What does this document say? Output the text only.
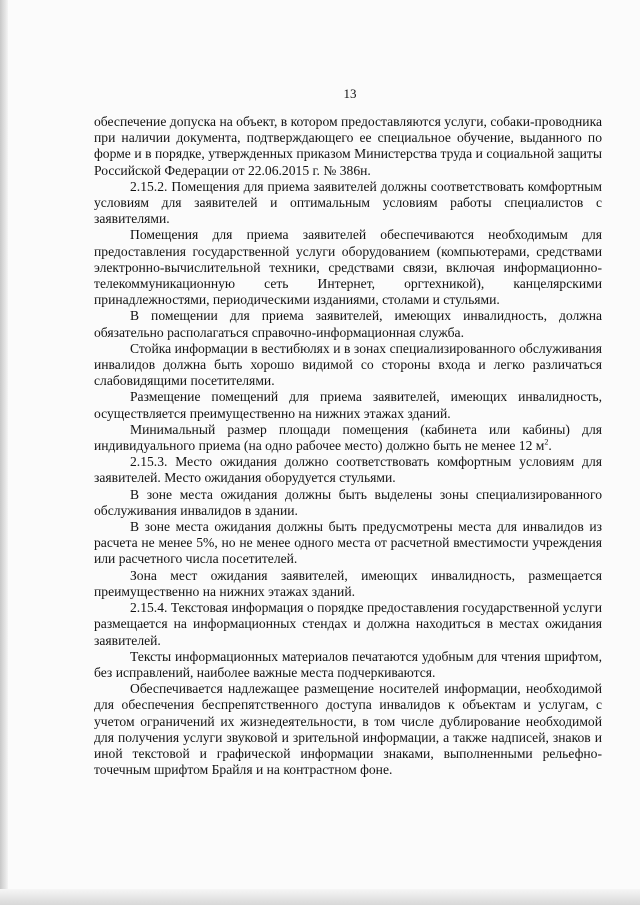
13

обеспечение допуска на объект, в котором предоставляются услуги, собаки-проводника при наличии документа, подтверждающего ее специальное обучение, выданного по форме и в порядке, утвержденных приказом Министерства труда и социальной защиты Российской Федерации от 22.06.2015 г. № 386н.

2.15.2. Помещения для приема заявителей должны соответствовать комфортным условиям для заявителей и оптимальным условиям работы специалистов с заявителями.

Помещения для приема заявителей обеспечиваются необходимым для предоставления государственной услуги оборудованием (компьютерами, средствами электронно-вычислительной техники, средствами связи, включая информационно-телекоммуникационную сеть Интернет, оргтехникой), канцелярскими принадлежностями, периодическими изданиями, столами и стульями.

В помещении для приема заявителей, имеющих инвалидность, должна обязательно располагаться справочно-информационная служба.

Стойка информации в вестибюлях и в зонах специализированного обслуживания инвалидов должна быть хорошо видимой со стороны входа и легко различаться слабовидящими посетителями.

Размещение помещений для приема заявителей, имеющих инвалидность, осуществляется преимущественно на нижних этажах зданий.

Минимальный размер площади помещения (кабинета или кабины) для индивидуального приема (на одно рабочее место) должно быть не менее 12 $м^2$.

2.15.3. Место ожидания должно соответствовать комфортным условиям для заявителей. Место ожидания оборудуется стульями.

В зоне места ожидания должны быть выделены зоны специализированного обслуживания инвалидов в здании.

В зоне места ожидания должны быть предусмотрены места для инвалидов из расчета не менее 5%, но не менее одного места от расчетной вместимости учреждения или расчетного числа посетителей.

Зона мест ожидания заявителей, имеющих инвалидность, размещается преимущественно на нижних этажах зданий.

2.15.4. Текстовая информация о порядке предоставления государственной услуги размещается на информационных стендах и должна находиться в местах ожидания заявителей.

Тексты информационных материалов печатаются удобным для чтения шрифтом, без исправлений, наиболее важные места подчеркиваются.

Обеспечивается надлежащее размещение носителей информации, необходимой для обеспечения беспрепятственного доступа инвалидов к объектам и услугам, с учетом ограничений их жизнедеятельности, в том числе дублирование необходимой для получения услуги звуковой и зрительной информации, а также надписей, знаков и иной текстовой и графической информации знаками, выполненными рельефно-точечным шрифтом Брайля и на контрастном фоне.
